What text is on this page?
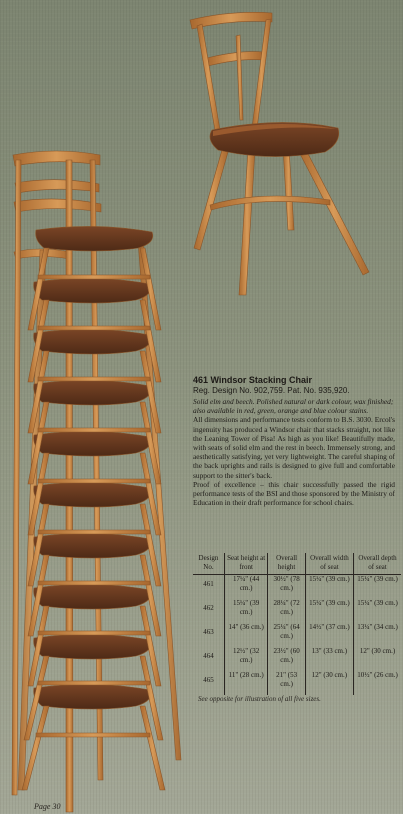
461 Windsor Stacking Chair

Reg. Design No. 902,759. Pat. No. 935,920.

Solid elm and beech. Polished natural or dark colour, wax finished; also available in red, green, orange and blue colour stains.

All dimensions and performance tests conform to B.S. 3030. Ercol's ingenuity has produced a Windsor chair that stacks straight, not like the Leaning Tower of Pisa! As high as you like! Beautifully made, with seats of solid elm and the rest in beech. Immensely strong, and aesthetically satisfying, yet very lightweight. The careful shaping of the back uprights and rails is designed to give full and comfortable support to the sitter's back.

Proof of excellence – this chair successfully passed the rigid performance tests of the BSI and those sponsored by the Ministry of Education in their draft performance for school chairs.

Design No.	Seat height at front	Overall height	Overall width of seat	Overall depth of seat
461	17¼" (44 cm.)	30½" (78 cm.)	15¼" (39 cm.)	15¼" (39 cm.)
462	15¼" (39 cm.)	28¼" (72 cm.)	15¼" (39 cm.)	15¼" (39 cm.)
463	14" (36 cm.)	25¼" (64 cm.)	14½" (37 cm.)	13¼" (34 cm.)
464	12½" (32 cm.)	23½" (60 cm.)	13" (33 cm.)	12" (30 cm.)
465	11" (28 cm.)	21" (53 cm.)	12" (30 cm.)	10½" (26 cm.)
See opposite for illustration of all five sizes.
Page 30
